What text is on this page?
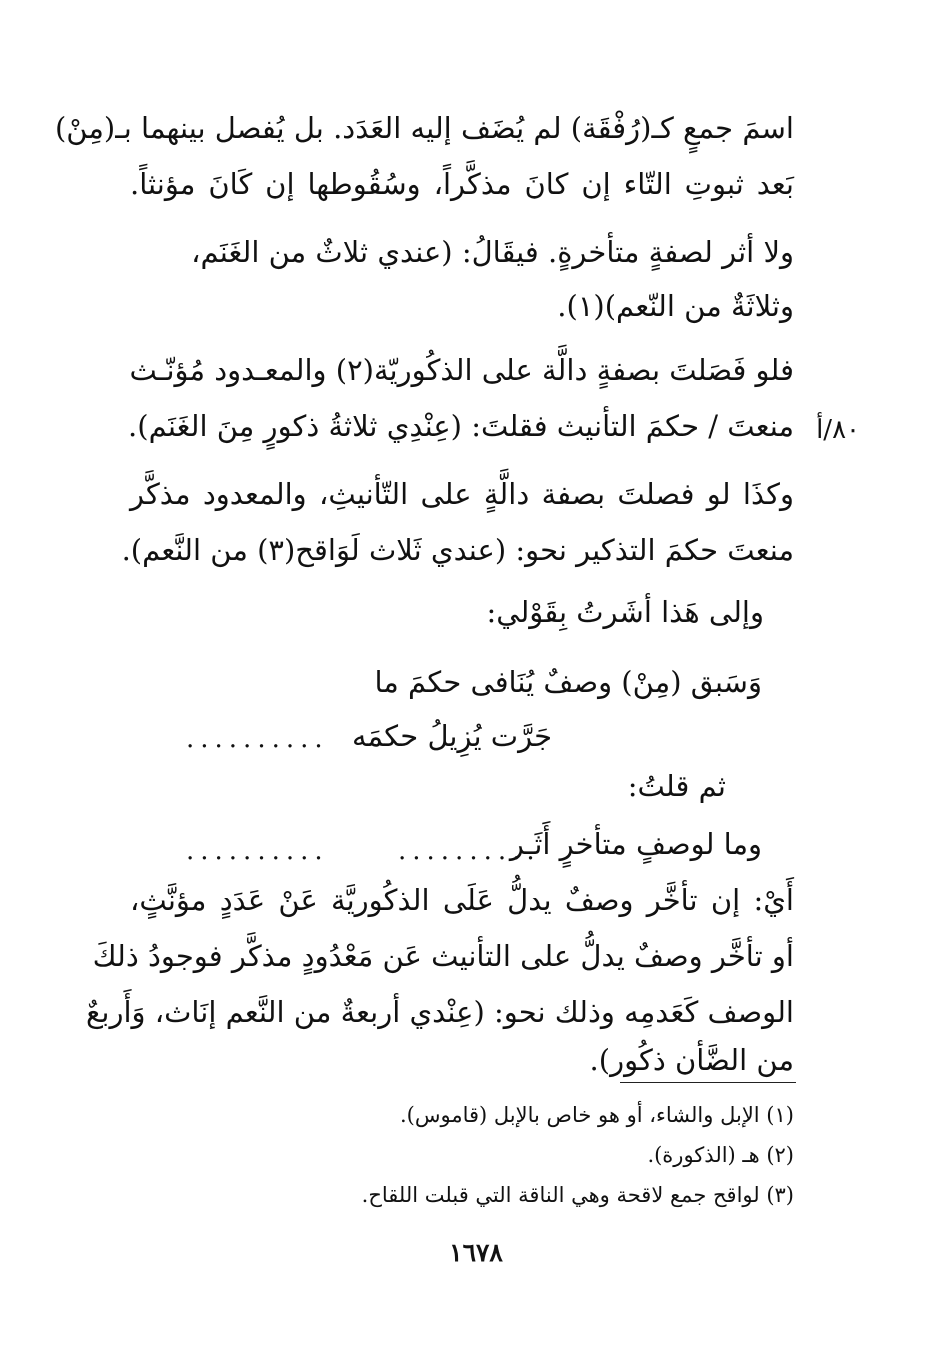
اسمَ جمعٍ كـ(رُفْقَة) لم يُضَف إليه العَدَد. بل يُفصل بينهما بـ(مِنْ)
بَعد ثبوتِ التّاء إن كانَ مذكَّراً، وسُقُوطها إن كَانَ مؤنثاً.
ولا أثر لصفةٍ متأخرةٍ. فيقَالُ: (عندي ثلاثٌ من الغَنَم،
وثلاثَةٌ من النّعم)(١).
فلو فَصَلتَ بصفةٍ دالَّة على الذكُوريّة(٢) والمعـدود مُؤنّـث
منعتَ / حكمَ التأنيث فقلتَ: (عِنْدِي ثلاثةُ ذكورٍ مِنَ الغَنَم). ٨٠/أ
وكذَا لو فصلتَ بصفة دالَّةٍ على التّأنيثِ، والمعدود مذكَّر
منعتَ حكمَ التذكير نحو: (عندي ثَلاث لَوَاقح(٣) من النَّعم).
وإلى هَذا أشَرتُ بِقَوْلي:
وَسَبق (مِنْ) وصفٌ يُنَافى حكمَ ما
جَرَّت يُزِيلُ حكمَه
..........
ثم قلتُ:
وما لوصفٍ متأخرٍ أَثَـر
..........	..........
أَيْ: إن تأخَّر وصفٌ يدلُّ عَلَى الذكُوريَّة عَنْ عَدَدٍ مؤنَّثٍ،
أو تأخَّر وصفٌ يدلُّ على التأنيث عَن مَعْدُودٍ مذكَّر فوجودُ ذلكَ
الوصف كَعَدمِه وذلك نحو: (عِنْدي أربعةٌ من النَّعم إنَاث، وَأَربعٌ
من الضَّأن ذكُور).
(١) الإبل والشاء، أو هو خاص بالإبل (قاموس).
(٢) هـ (الذكورة).
(٣) لواقح جمع لاقحة وهي الناقة التي قبلت اللقاح.
١٦٧٨
